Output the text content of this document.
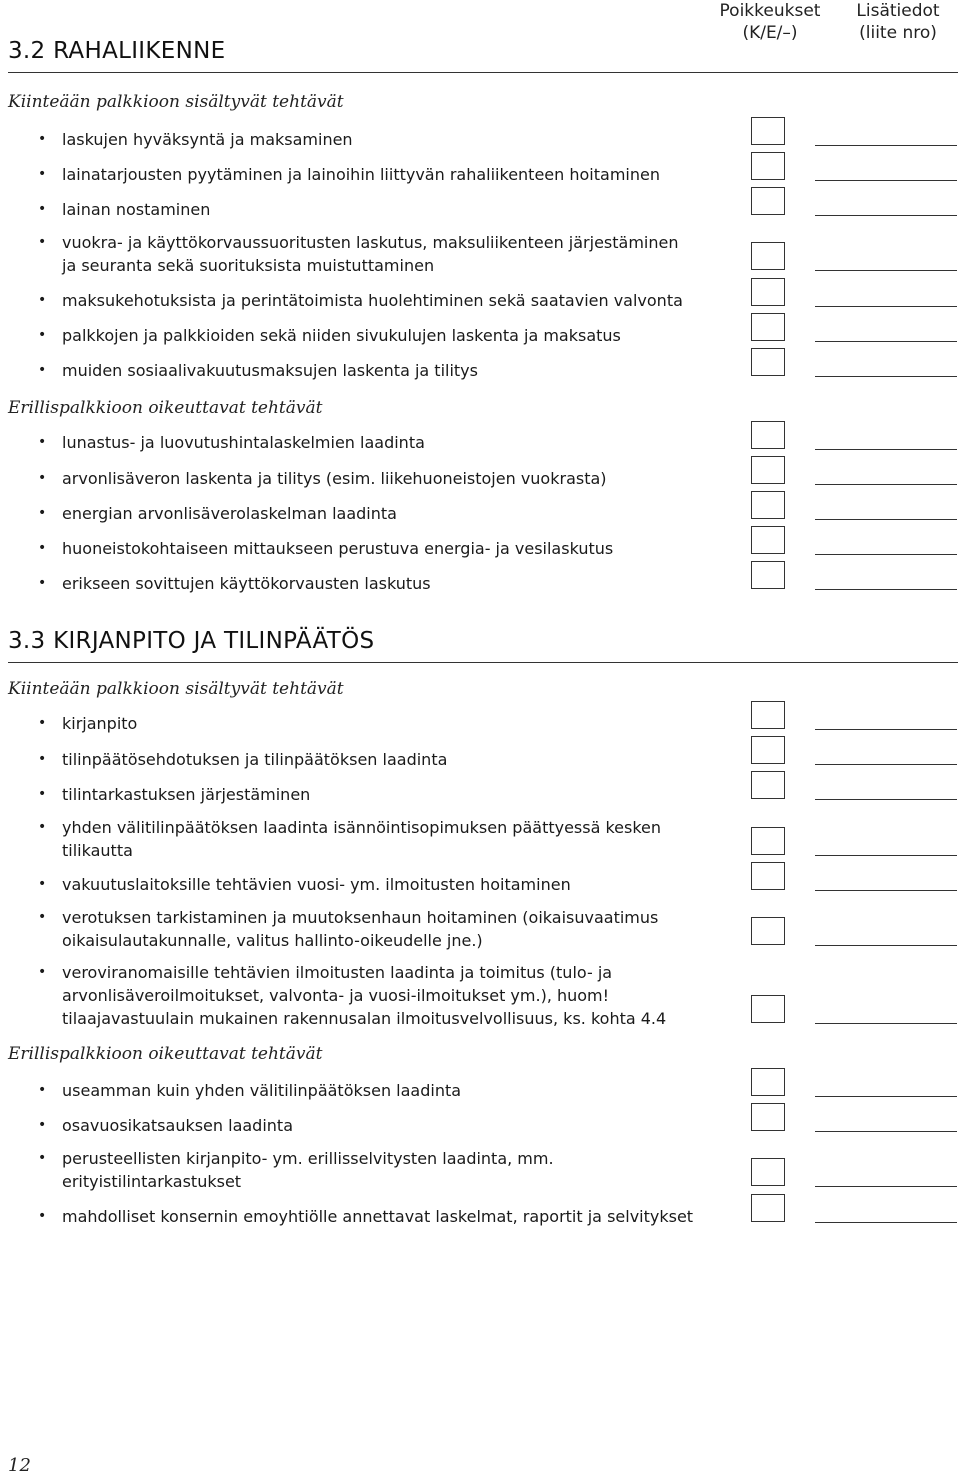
Poikkeukset
(K/E/–)
Lisätiedot
(liite nro)
3.2 RAHALIIKENNE
Kiinteään palkkioon sisältyvät tehtävät
• laskujen hyväksyntä ja maksaminen
• lainatarjousten pyytäminen ja lainoihin liittyvän rahaliikenteen hoitaminen
• lainan nostaminen
• vuokra- ja käyttökorvaussuoritusten laskutus, maksuliikenteen järjestäminen
ja seuranta sekä suorituksista muistuttaminen
• maksukehotuksista ja perintätoimista huolehtiminen sekä saatavien valvonta
• palkkojen ja palkkioiden sekä niiden sivukulujen laskenta ja maksatus
• muiden sosiaalivakuutusmaksujen laskenta ja tilitys
Erillispalkkioon oikeuttavat tehtävät
• lunastus- ja luovutushintalaskelmien laadinta
• arvonlisäveron laskenta ja tilitys (esim. liikehuoneistojen vuokrasta)
• energian arvonlisäverolaskelman laadinta
• huoneistokohtaiseen mittaukseen perustuva energia- ja vesilaskutus
• erikseen sovittujen käyttökorvausten laskutus
3.3 KIRJANPITO JA TILINPÄÄTÖS
Kiinteään palkkioon sisältyvät tehtävät
• kirjanpito
• tilinpäätösehdotuksen ja tilinpäätöksen laadinta
• tilintarkastuksen järjestäminen
• yhden välitilinpäätöksen laadinta isännöintisopimuksen päättyessä kesken
tilikautta
• vakuutuslaitoksille tehtävien vuosi- ym. ilmoitusten hoitaminen
• verotuksen tarkistaminen ja muutoksenhaun hoitaminen (oikaisuvaatimus
oikaisulautakunnalle, valitus hallinto-oikeudelle jne.)
• veroviranomaisille tehtävien ilmoitusten laadinta ja toimitus (tulo- ja
arvonlisäveroilmoitukset, valvonta- ja vuosi-ilmoitukset ym.), huom!
tilaajavastuulain mukainen rakennusalan ilmoitusvelvollisuus, ks. kohta 4.4
Erillispalkkioon oikeuttavat tehtävät
• useamman kuin yhden välitilinpäätöksen laadinta
• osavuosikatsauksen laadinta
• perusteellisten kirjanpito- ym. erillisselvitysten laadinta, mm.
erityistilintarkastukset
• mahdolliset konsernin emoyhtiölle annettavat laskelmat, raportit ja selvitykset
12
